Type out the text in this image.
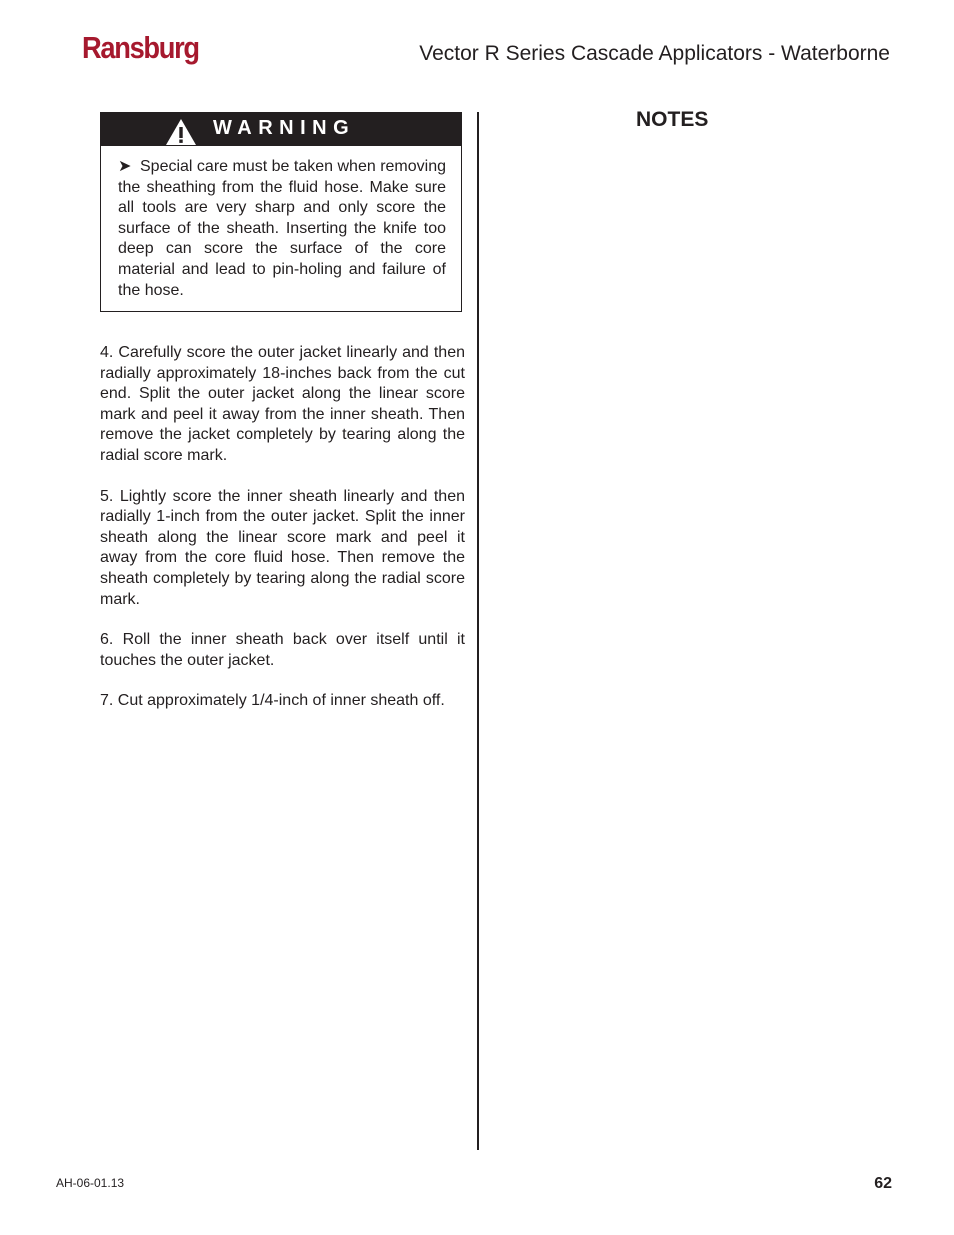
Ransburg	Vector R Series Cascade Applicators - Waterborne
WARNING

➤ Special care must be taken when removing the sheathing from the fluid hose. Make sure all tools are very sharp and only score the surface of the sheath. Inserting the knife too deep can score the surface of the core material and lead to pin-holing and failure of the hose.

4. Carefully score the outer jacket linearly and then radially approximately 18-inches back from the cut end. Split the outer jacket along the linear score mark and peel it away from the inner sheath. Then remove the jacket completely by tearing along the radial score mark.

5. Lightly score the inner sheath linearly and then radially 1-inch from the outer jacket. Split the inner sheath along the linear score mark and peel it away from the core fluid hose. Then remove the sheath completely by tearing along the radial score mark.

6. Roll the inner sheath back over itself until it touches the outer jacket.

7. Cut approximately 1/4-inch of inner sheath off.

NOTES
AH-06-01.13	62
